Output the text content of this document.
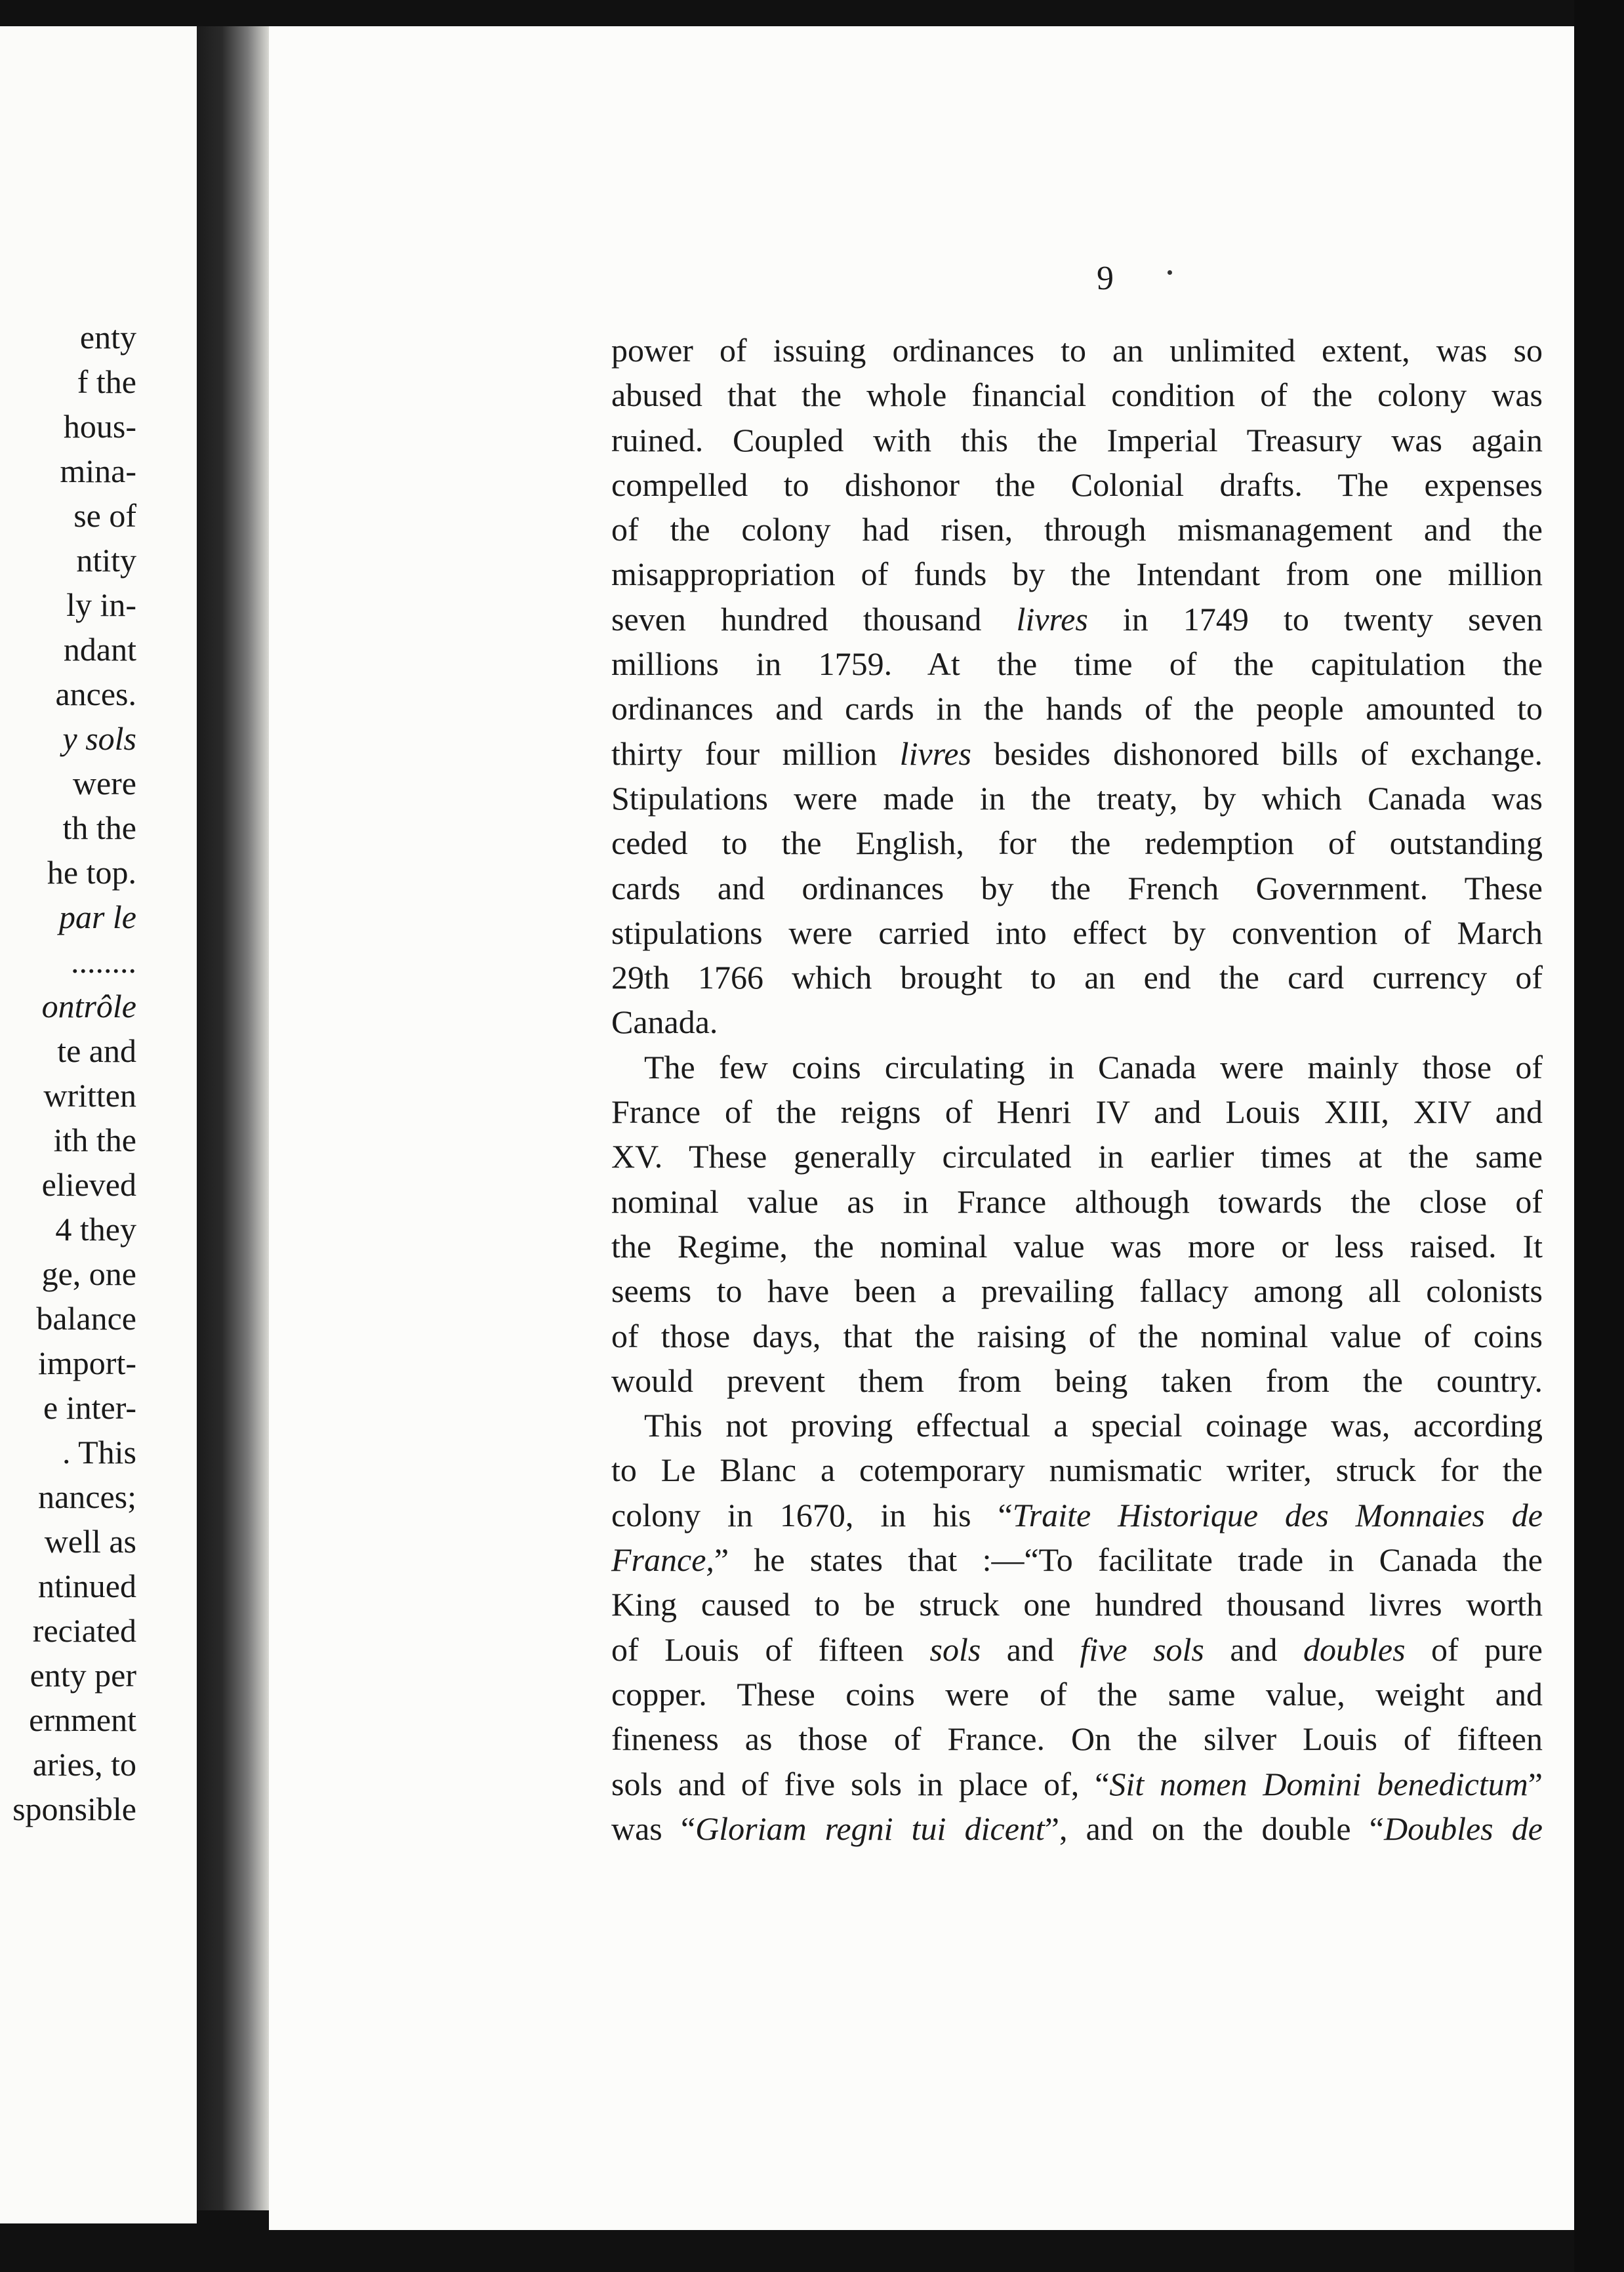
enty
f the
hous-
mina-
se of
ntity
ly in-
ndant
ances.
y sols
were
th the
he top.
par le
........
ontrôle
te and
written
ith the
elieved
4 they
ge, one
balance
import-
e inter-
. This
nances;
well as
ntinued
reciated
enty per
ernment
aries, to
sponsible
9
power of issuing ordinances to an unlimited extent, was so
abused that the whole financial condition of the colony was
ruined. Coupled with this the Imperial Treasury was again
compelled to dishonor the Colonial drafts. The expenses
of the colony had risen, through mismanagement and the
misappropriation of funds by the Intendant from one million
seven hundred thousand livres in 1749 to twenty seven
millions in 1759. At the time of the capitulation the
ordinances and cards in the hands of the people amounted to
thirty four million livres besides dishonored bills of exchange.
Stipulations were made in the treaty, by which Canada was
ceded to the English, for the redemption of outstanding
cards and ordinances by the French Government. These
stipulations were carried into effect by convention of March
29th 1766 which brought to an end the card currency of
Canada.
The few coins circulating in Canada were mainly those of
France of the reigns of Henri IV and Louis XIII, XIV and
XV. These generally circulated in earlier times at the same
nominal value as in France although towards the close of
the Regime, the nominal value was more or less raised. It
seems to have been a prevailing fallacy among all colonists
of those days, that the raising of the nominal value of coins
would prevent them from being taken from the country.
This not proving effectual a special coinage was, according
to Le Blanc a cotemporary numismatic writer, struck for the
colony in 1670, in his “Traite Historique des Monnaies de
France,” he states that :—“To facilitate trade in Canada the
King caused to be struck one hundred thousand livres worth
of Louis of fifteen sols and five sols and doubles of pure
copper. These coins were of the same value, weight and
fineness as those of France. On the silver Louis of fifteen
sols and of five sols in place of, “Sit nomen Domini benedictum”
was “Gloriam regni tui dicent”, and on the double “Doubles de
